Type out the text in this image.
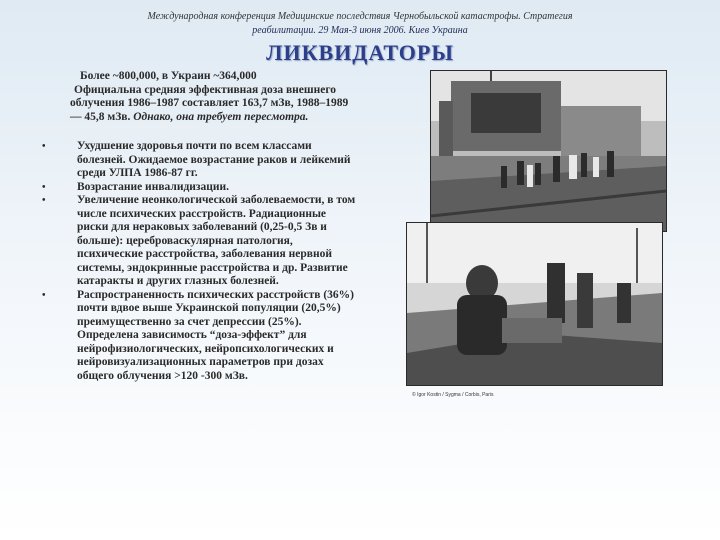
Международная конференция Медицинские последствия Чернобыльской катастрофы. Стратегия
реабилитации. 29 Мая-3 июня 2006. Киев Украина
ЛИКВИДАТОРЫ

Более ~800,000, в Украин ~364,000

Официальна средняя эффективная доза внешнего облучения 1986–1987 составляет 163,7 мЗв, 1988–1989 — 45,8 мЗв. Однако, она требует пересмотра.

•	Ухудшение здоровья почти по всем классами болезней. Ожидаемое возрастание раков и лейкемий среди УЛПА 1986-87 гг.

•	Возрастание инвалидизации.

•	Увеличение неонкологической заболеваемости, в том числе психических расстройств. Радиационные риски для нераковых заболеваний (0,25-0,5 Зв и больше): цереброваскулярная патология, психические расстройства, заболевания нервной системы, эндокринные расстройства и др. Развитие катаракты и других глазных болезней.

•	Распространенность психических расстройств (36%) почти вдвое выше Украинской популяции (20,5%) преимущественно за счет депрессии (25%). Определена зависимость “доза-эффект” для нейрофизиологических, нейропсихологических и нейровизуализационных параметров при дозах общего облучения >120 -300 мЗв.

© Igor Kostin / Sygma / Corbis, Paris
